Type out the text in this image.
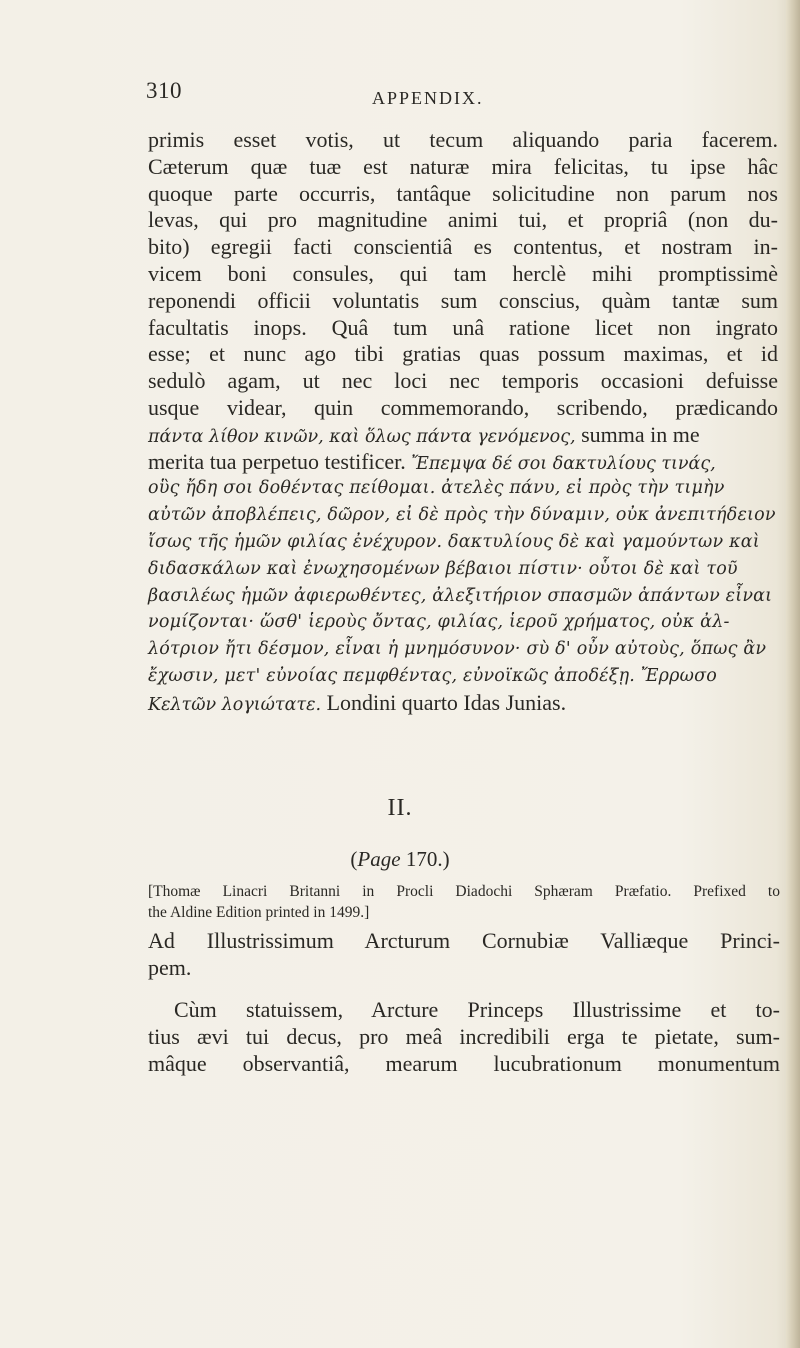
310	APPENDIX.
primis esset votis, ut tecum aliquando paria facerem.
Cæterum quæ tuæ est naturæ mira felicitas, tu ipse hâc
quoque parte occurris, tantâque solicitudine non parum nos
levas, qui pro magnitudine animi tui, et propriâ (non du-
bito) egregii facti conscientiâ es contentus, et nostram in-
vicem boni consules, qui tam herclè mihi promptissimè
reponendi officii voluntatis sum conscius, quàm tantæ sum
facultatis inops. Quâ tum unâ ratione licet non ingrato
esse; et nunc ago tibi gratias quas possum maximas, et id
sedulò agam, ut nec loci nec temporis occasioni defuisse
usque videar, quin commemorando, scribendo, prædicando
πάντα λίθον κινῶν, καὶ ὅλως πάντα γενόμενος, summa in me
merita tua perpetuo testificer. Ἔπεμψα δέ σοι δακτυλίους τινάς,
οὓς ἤδη σοι δοθέντας πείθομαι. ἀτελὲς πάνυ, εἰ πρὸς τὴν τιμὴν
αὐτῶν ἀποβλέπεις, δῶρον, εἰ δὲ πρὸς τὴν δύναμιν, οὐκ ἀνεπιτήδειον
ἴσως τῆς ἡμῶν φιλίας ἐνέχυρον. δακτυλίους δὲ καὶ γαμούντων καὶ
διδασκάλων καὶ ἐνωχησομένων βέβαιοι πίστιν· οὗτοι δὲ καὶ τοῦ
βασιλέως ἡμῶν ἀφιερωθέντες, ἀλεξιτήριον σπασμῶν ἁπάντων εἶναι
νομίζονται· ὥσθ' ἱεροὺς ὄντας, φιλίας, ἱεροῦ χρήματος, οὐκ ἀλ-
λότριον ἤτι δέσμον, εἶναι ἡ μνημόσυνον· σὺ δ' οὖν αὐτοὺς, ὅπως ἂν
ἔχωσιν, μετ' εὐνοίας πεμφθέντας, εὐνοϊκῶς ἀποδέξῃ. Ἔρρωσο
Κελτῶν λογιώτατε. Londini quarto Idas Junias.
II.
(Page 170.)
[Thomæ Linacri Britanni in Procli Diadochi Sphæram Præfatio. Prefixed to
the Aldine Edition printed in 1499.]
Ad Illustrissimum Arcturum Cornubiæ Valliæque Princi-
pem.
Cùm statuissem, Arcture Princeps Illustrissime et to-
tius ævi tui decus, pro meâ incredibili erga te pietate, sum-
mâque observantiâ, mearum lucubrationum monumentum
